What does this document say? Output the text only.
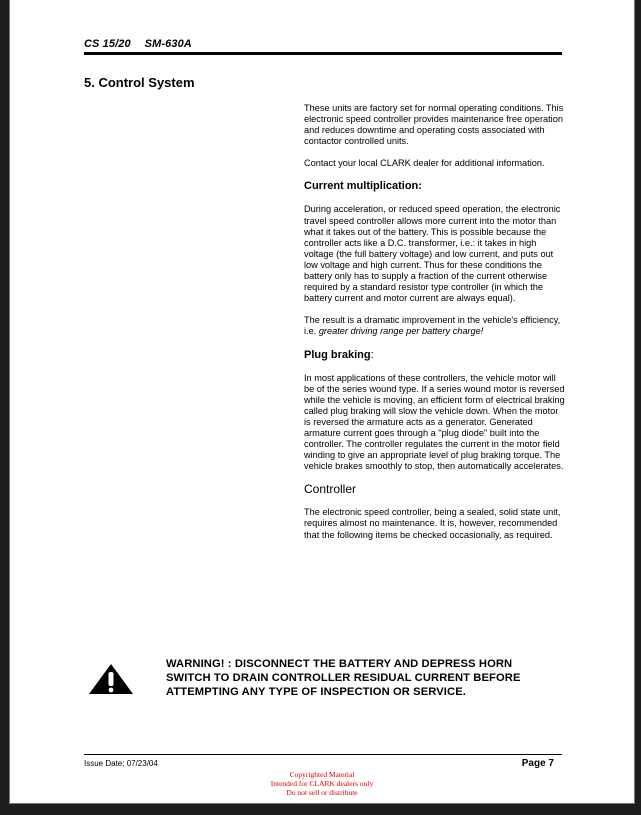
CS 15/20 SM-630A
5. Control System

These units are factory set for normal operating conditions. This electronic speed controller provides maintenance free operation and reduces downtime and operating costs associated with contactor controlled units.

Contact your local CLARK dealer for additional information.

Current multiplication:

During acceleration, or reduced speed operation, the electronic travel speed controller allows more current into the motor than what it takes out of the battery. This is possible because the controller acts like a D.C. transformer, i.e.: it takes in high voltage (the full battery voltage) and low current, and puts out low voltage and high current. Thus for these conditions the battery only has to supply a fraction of the current otherwise required by a standard resistor type controller (in which the battery current and motor current are always equal).

The result is a dramatic improvement in the vehicle's efficiency, i.e. greater driving range per battery charge!

Plug braking:

In most applications of these controllers, the vehicle motor will be of the series wound type. If a series wound motor is reversed while the vehicle is moving, an efficient form of electrical braking called plug braking will slow the vehicle down. When the motor is reversed the armature acts as a generator. Generated armature current goes through a "plug diode" built into the controller. The controller regulates the current in the motor field winding to give an appropriate level of plug braking torque. The vehicle brakes smoothly to stop, then automatically accelerates.

Controller

The electronic speed controller, being a sealed, solid state unit, requires almost no maintenance. It is, however, recommended that the following items be checked occasionally, as required.

WARNING! : DISCONNECT THE BATTERY AND DEPRESS HORN
SWITCH TO DRAIN CONTROLLER RESIDUAL CURRENT BEFORE
ATTEMPTING ANY TYPE OF INSPECTION OR SERVICE.
Issue Date: 07/23/04	Page 7
Copyrighted Material
Intended for CLARK dealers only
Do not sell or distribute
